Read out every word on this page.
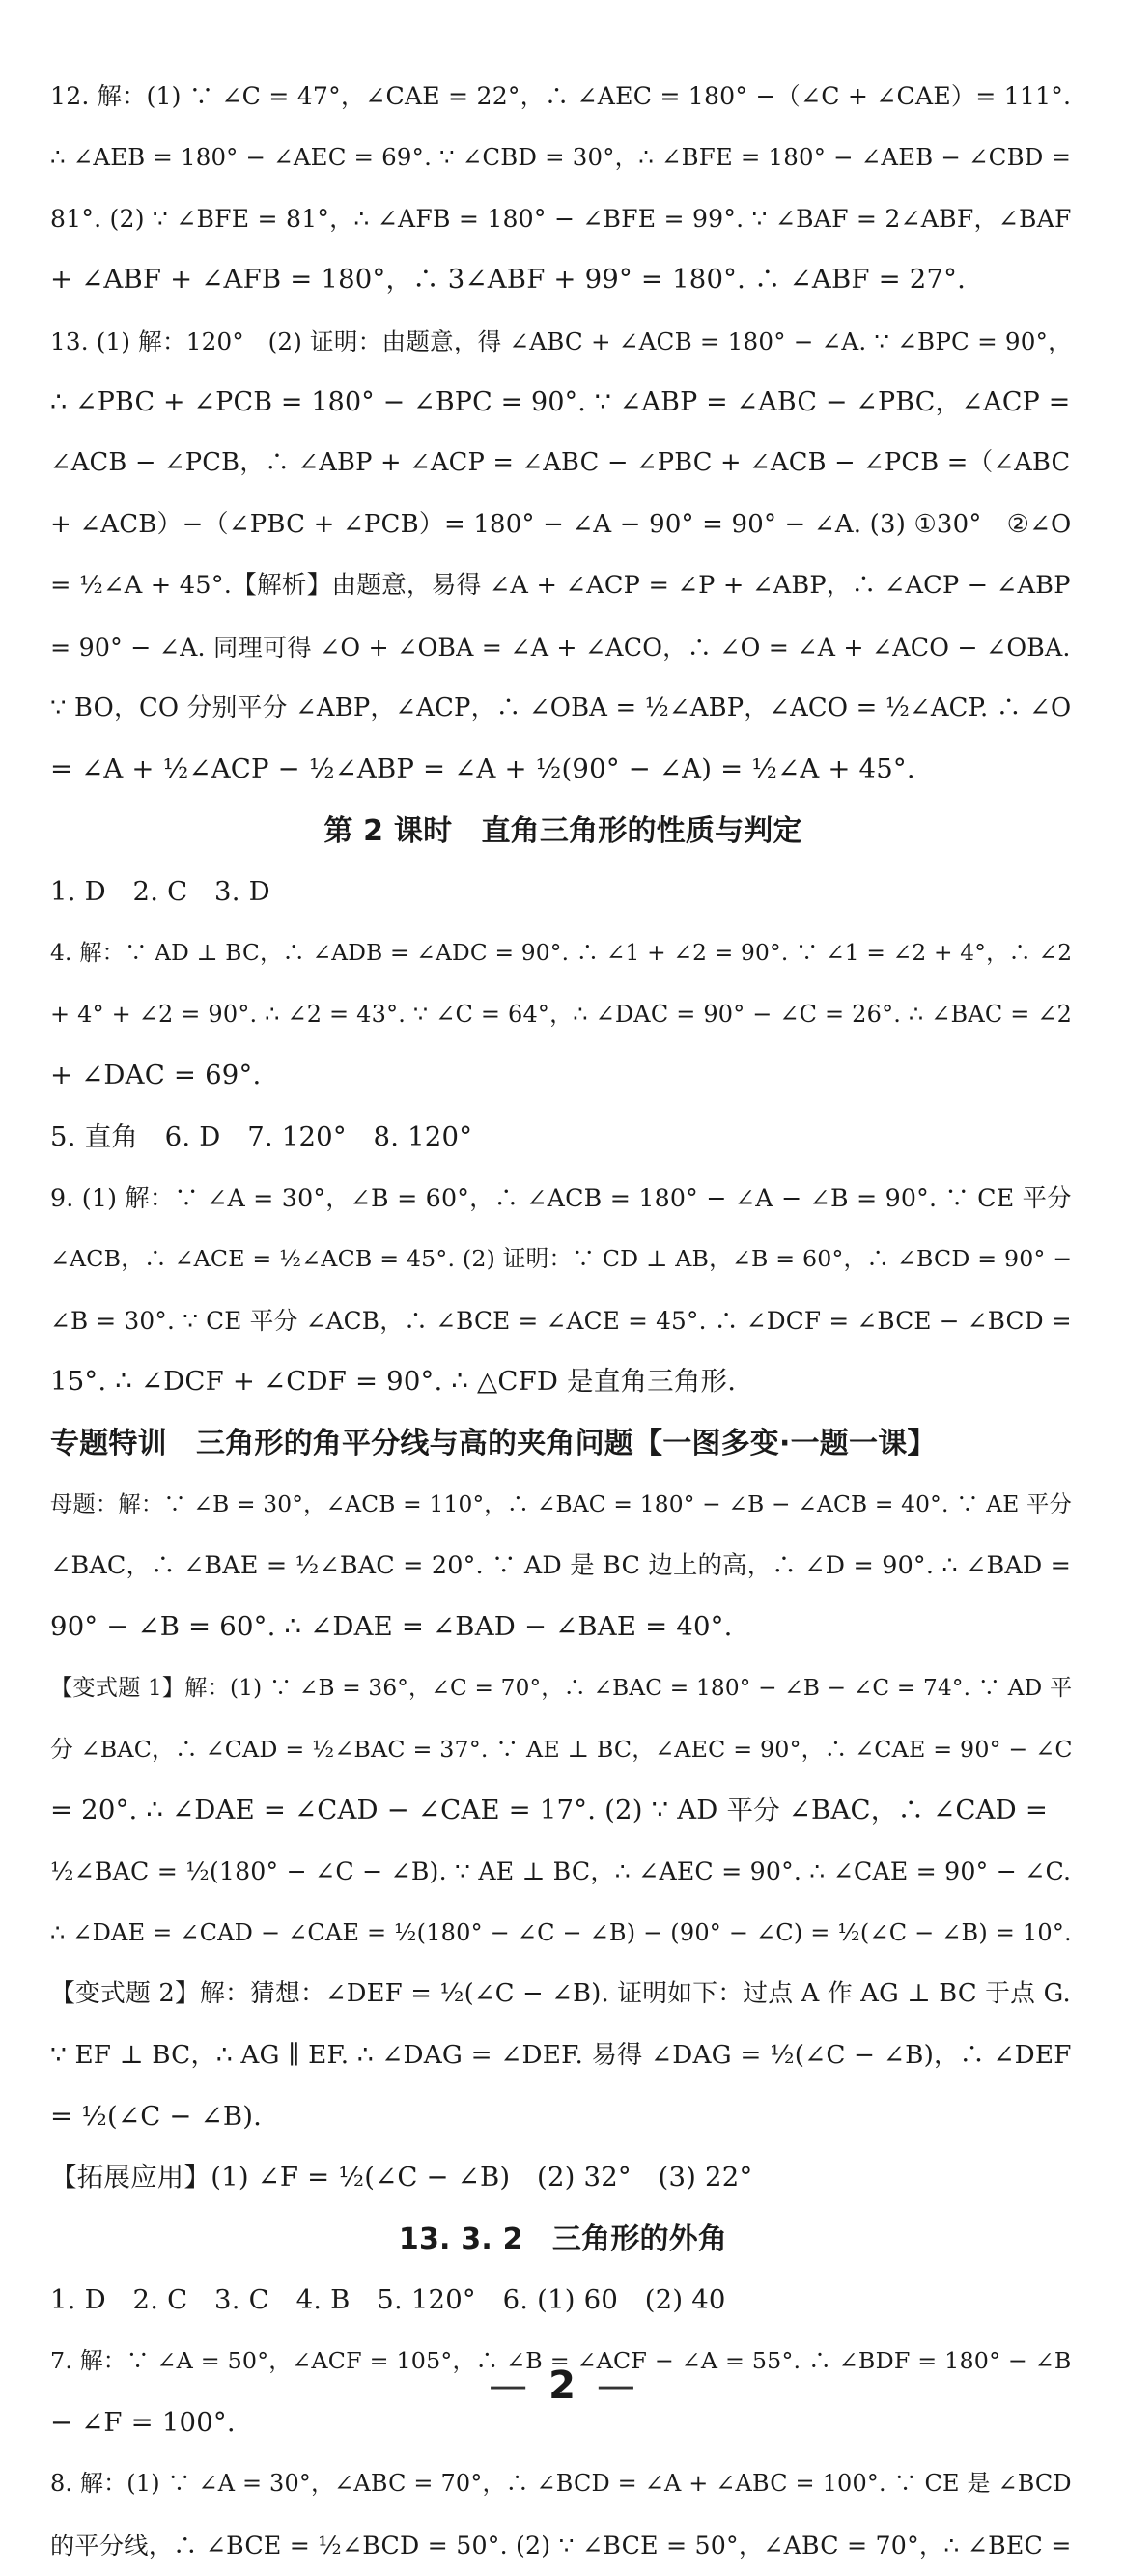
12. 解：(1) ∵ ∠C = 47°，∠CAE = 22°，∴ ∠AEC = 180° −（∠C + ∠CAE）= 111°.
∴ ∠AEB = 180° − ∠AEC = 69°. ∵ ∠CBD = 30°，∴ ∠BFE = 180° − ∠AEB − ∠CBD =
81°. (2) ∵ ∠BFE = 81°，∴ ∠AFB = 180° − ∠BFE = 99°. ∵ ∠BAF = 2∠ABF，∠BAF
+ ∠ABF + ∠AFB = 180°，∴ 3∠ABF + 99° = 180°. ∴ ∠ABF = 27°.
13. (1) 解：120°　(2) 证明：由题意，得 ∠ABC + ∠ACB = 180° − ∠A. ∵ ∠BPC = 90°，
∴ ∠PBC + ∠PCB = 180° − ∠BPC = 90°. ∵ ∠ABP = ∠ABC − ∠PBC，∠ACP =
∠ACB − ∠PCB，∴ ∠ABP + ∠ACP = ∠ABC − ∠PBC + ∠ACB − ∠PCB =（∠ABC
+ ∠ACB）−（∠PBC + ∠PCB）= 180° − ∠A − 90° = 90° − ∠A. (3) ①30°　②∠O
= ½∠A + 45°.【解析】由题意，易得 ∠A + ∠ACP = ∠P + ∠ABP，∴ ∠ACP − ∠ABP
= 90° − ∠A. 同理可得 ∠O + ∠OBA = ∠A + ∠ACO，∴ ∠O = ∠A + ∠ACO − ∠OBA.
∵ BO，CO 分别平分 ∠ABP，∠ACP，∴ ∠OBA = ½∠ABP，∠ACO = ½∠ACP. ∴ ∠O
= ∠A + ½∠ACP − ½∠ABP = ∠A + ½(90° − ∠A) = ½∠A + 45°.
第 2 课时　直角三角形的性质与判定
1. D　2. C　3. D
4. 解：∵ AD ⊥ BC，∴ ∠ADB = ∠ADC = 90°. ∴ ∠1 + ∠2 = 90°. ∵ ∠1 = ∠2 + 4°，∴ ∠2
+ 4° + ∠2 = 90°. ∴ ∠2 = 43°. ∵ ∠C = 64°，∴ ∠DAC = 90° − ∠C = 26°. ∴ ∠BAC = ∠2
+ ∠DAC = 69°.
5. 直角　6. D　7. 120°　8. 120°
9. (1) 解：∵ ∠A = 30°，∠B = 60°，∴ ∠ACB = 180° − ∠A − ∠B = 90°. ∵ CE 平分
∠ACB，∴ ∠ACE = ½∠ACB = 45°. (2) 证明：∵ CD ⊥ AB，∠B = 60°，∴ ∠BCD = 90° −
∠B = 30°. ∵ CE 平分 ∠ACB，∴ ∠BCE = ∠ACE = 45°. ∴ ∠DCF = ∠BCE − ∠BCD =
15°. ∴ ∠DCF + ∠CDF = 90°. ∴ △CFD 是直角三角形.
专题特训　三角形的角平分线与高的夹角问题【一图多变·一题一课】
母题：解：∵ ∠B = 30°，∠ACB = 110°，∴ ∠BAC = 180° − ∠B − ∠ACB = 40°. ∵ AE 平分
∠BAC，∴ ∠BAE = ½∠BAC = 20°. ∵ AD 是 BC 边上的高，∴ ∠D = 90°. ∴ ∠BAD =
90° − ∠B = 60°. ∴ ∠DAE = ∠BAD − ∠BAE = 40°.
【变式题 1】解：(1) ∵ ∠B = 36°，∠C = 70°，∴ ∠BAC = 180° − ∠B − ∠C = 74°. ∵ AD 平
分 ∠BAC，∴ ∠CAD = ½∠BAC = 37°. ∵ AE ⊥ BC，∠AEC = 90°，∴ ∠CAE = 90° − ∠C
= 20°. ∴ ∠DAE = ∠CAD − ∠CAE = 17°. (2) ∵ AD 平分 ∠BAC，∴ ∠CAD =
½∠BAC = ½(180° − ∠C − ∠B). ∵ AE ⊥ BC，∴ ∠AEC = 90°. ∴ ∠CAE = 90° − ∠C.
∴ ∠DAE = ∠CAD − ∠CAE = ½(180° − ∠C − ∠B) − (90° − ∠C) = ½(∠C − ∠B) = 10°.
【变式题 2】解：猜想：∠DEF = ½(∠C − ∠B). 证明如下：过点 A 作 AG ⊥ BC 于点 G.
∵ EF ⊥ BC，∴ AG ∥ EF. ∴ ∠DAG = ∠DEF. 易得 ∠DAG = ½(∠C − ∠B)，∴ ∠DEF
= ½(∠C − ∠B).
【拓展应用】(1) ∠F = ½(∠C − ∠B)　(2) 32°　(3) 22°
13. 3. 2　三角形的外角
1. D　2. C　3. C　4. B　5. 120°　6. (1) 60　(2) 40
7. 解：∵ ∠A = 50°，∠ACF = 105°，∴ ∠B = ∠ACF − ∠A = 55°. ∴ ∠BDF = 180° − ∠B
− ∠F = 100°.
8. 解：(1) ∵ ∠A = 30°，∠ABC = 70°，∴ ∠BCD = ∠A + ∠ABC = 100°. ∵ CE 是 ∠BCD
的平分线，∴ ∠BCE = ½∠BCD = 50°. (2) ∵ ∠BCE = 50°，∠ABC = 70°，∴ ∠BEC =
— 2 —
